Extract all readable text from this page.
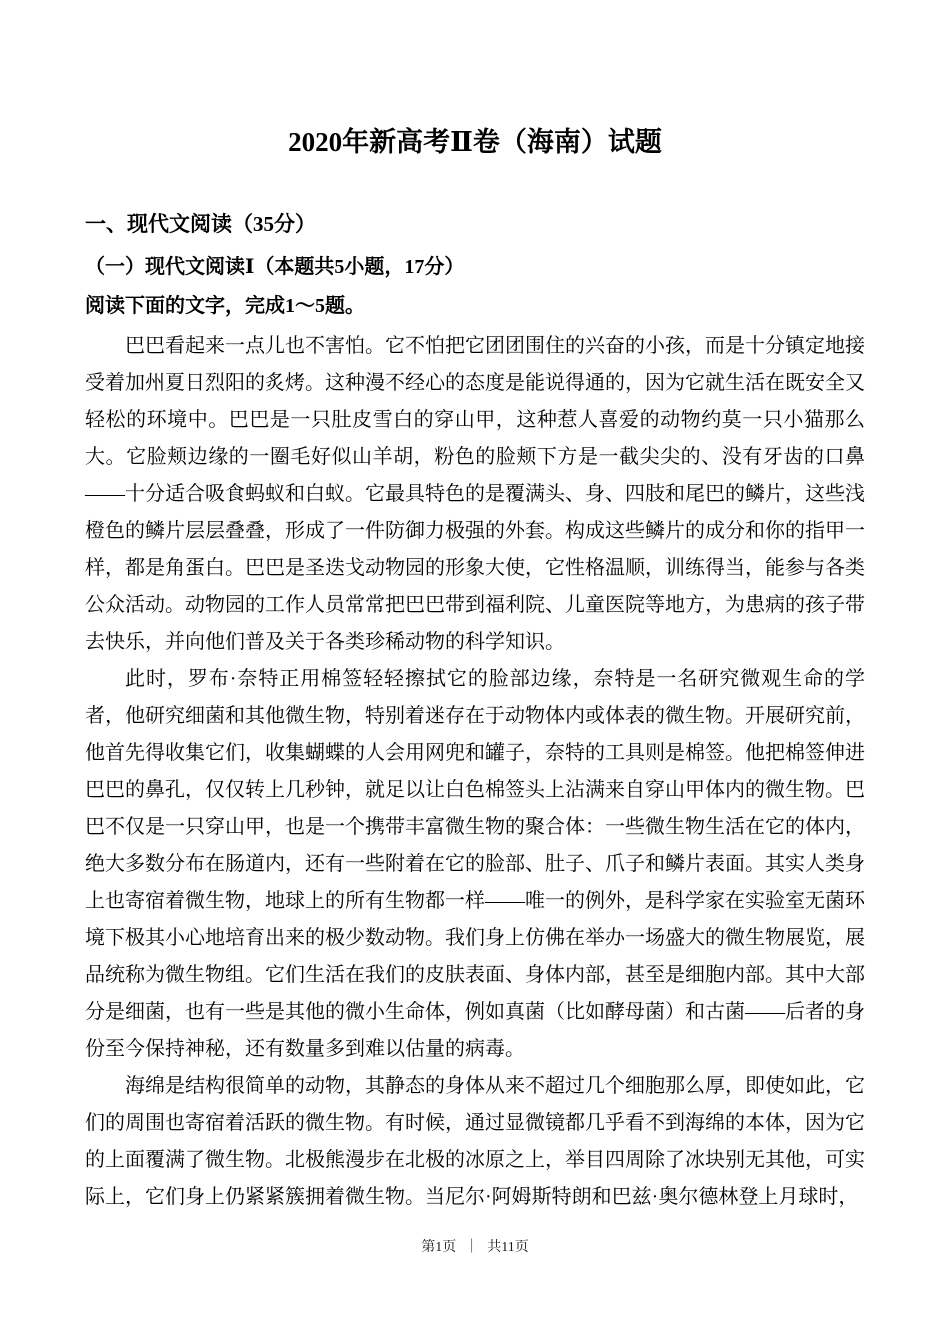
2020年新高考Ⅱ卷（海南）试题
一、现代文阅读（35分）
（一）现代文阅读Ⅰ（本题共5小题，17分）
阅读下面的文字，完成1～5题。

巴巴看起来一点儿也不害怕。它不怕把它团团围住的兴奋的小孩，而是十分镇定地接受着加州夏日烈阳的炙烤。这种漫不经心的态度是能说得通的，因为它就生活在既安全又轻松的环境中。巴巴是一只肚皮雪白的穿山甲，这种惹人喜爱的动物约莫一只小猫那么大。它脸颊边缘的一圈毛好似山羊胡，粉色的脸颊下方是一截尖尖的、没有牙齿的口鼻——十分适合吸食蚂蚁和白蚁。它最具特色的是覆满头、身、四肢和尾巴的鳞片，这些浅橙色的鳞片层层叠叠，形成了一件防御力极强的外套。构成这些鳞片的成分和你的指甲一样，都是角蛋白。巴巴是圣迭戈动物园的形象大使，它性格温顺，训练得当，能参与各类公众活动。动物园的工作人员常常把巴巴带到福利院、儿童医院等地方，为患病的孩子带去快乐，并向他们普及关于各类珍稀动物的科学知识。

此时，罗布·奈特正用棉签轻轻擦拭它的脸部边缘，奈特是一名研究微观生命的学者，他研究细菌和其他微生物，特别着迷存在于动物体内或体表的微生物。开展研究前，他首先得收集它们，收集蝴蝶的人会用网兜和罐子，奈特的工具则是棉签。他把棉签伸进巴巴的鼻孔，仅仅转上几秒钟，就足以让白色棉签头上沾满来自穿山甲体内的微生物。巴巴不仅是一只穿山甲，也是一个携带丰富微生物的聚合体：一些微生物生活在它的体内，绝大多数分布在肠道内，还有一些附着在它的脸部、肚子、爪子和鳞片表面。其实人类身上也寄宿着微生物，地球上的所有生物都一样——唯一的例外，是科学家在实验室无菌环境下极其小心地培育出来的极少数动物。我们身上仿佛在举办一场盛大的微生物展览，展品统称为微生物组。它们生活在我们的皮肤表面、身体内部，甚至是细胞内部。其中大部分是细菌，也有一些是其他的微小生命体，例如真菌（比如酵母菌）和古菌——后者的身份至今保持神秘，还有数量多到难以估量的病毒。

海绵是结构很简单的动物，其静态的身体从来不超过几个细胞那么厚，即使如此，它们的周围也寄宿着活跃的微生物。有时候，通过显微镜都几乎看不到海绵的本体，因为它的上面覆满了微生物。北极熊漫步在北极的冰原之上，举目四周除了冰块别无其他，可实际上，它们身上仍紧紧簇拥着微生物。当尼尔·阿姆斯特朗和巴兹·奥尔德林登上月球时，

第1页 ｜ 共11页
